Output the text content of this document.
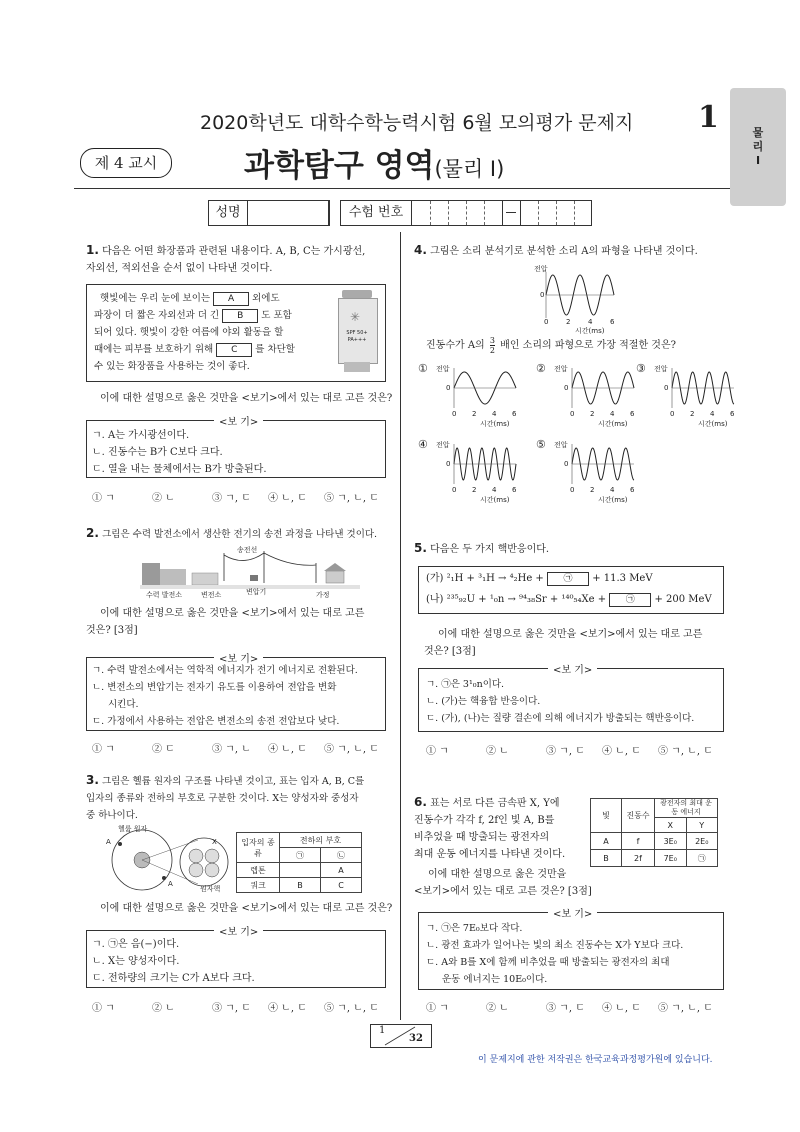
2020학년도 대학수학능력시험 6월 모의평가 문제지 1	물
리
I
제 4 교시	과학탐구 영역(물리 I)
성명	수험 번호
1. 다음은 어떤 화장품과 관련된 내용이다. A, B, C는 가시광선,
자외선, 적외선을 순서 없이 나타낸 것이다.
햇빛에는 우리 눈에 보이는 A 외에도
파장이 더 짧은 자외선과 더 긴 B 도 포함
되어 있다. 햇빛이 강한 여름에 야외 활동을 할
때에는 피부를 보호하기 위해 C 를 차단할
수 있는 화장품을 사용하는 것이 좋다.
✳
SPF 50+ PA+++
이에 대한 설명으로 옳은 것만을 <보기>에서 있는 대로 고른 것은?
<보 기>
ㄱ. A는 가시광선이다.
ㄴ. 진동수는 B가 C보다 크다.
ㄷ. 열을 내는 물체에서는 B가 방출된다.
① ㄱ	② ㄴ	③ ㄱ, ㄷ ④ ㄴ, ㄷ ⑤ ㄱ, ㄴ, ㄷ
2. 그림은 수력 발전소에서 생산한 전기의 송전 과정을 나타낸 것이다.
송전선
수력 발전소	변전소	변압기	가정
이에 대한 설명으로 옳은 것만을 <보기>에서 있는 대로 고른
것은? [3점]
<보 기>
ㄱ. 수력 발전소에서는 역학적 에너지가 전기 에너지로 전환된다.
ㄴ. 변전소의 변압기는 전자기 유도를 이용하여 전압을 변화
시킨다.
ㄷ. 가정에서 사용하는 전압은 변전소의 송전 전압보다 낮다.
① ㄱ	② ㄷ	③ ㄱ, ㄴ ④ ㄴ, ㄷ ⑤ ㄱ, ㄴ, ㄷ
3. 그림은 헬륨 원자의 구조를 나타낸 것이고, 표는 입자 A, B, C를
입자의 종류와 전하의 부호로 구분한 것이다. X는 양성자와 중성자
중 하나이다.
헬륨 원자
A	X
A
원자핵
입자의 종류	전하의 부호	
	㉠	㉡
렙톤		A
쿼크	B	C
이에 대한 설명으로 옳은 것만을 <보기>에서 있는 대로 고른 것은?
<보 기>
ㄱ. ㉠은 음(−)이다.
ㄴ. X는 양성자이다.
ㄷ. 전하량의 크기는 C가 A보다 크다.
① ㄱ	② ㄴ	③ ㄱ, ㄷ ④ ㄴ, ㄷ ⑤ ㄱ, ㄴ, ㄷ
4. 그림은 소리 분석기로 분석한 소리 A의 파형을 나타낸 것이다.
전압
0
0	2	4	6
시간(ms)
진동수가 A의 $\frac{3}{2}$ 배인 소리의 파형으로 가장 적절한 것은?
① 전압
0
0 2 4 6
시간(ms)
② 전압
0
0 2 4 6
시간(ms)
③ 전압
0
0 2 4 6
시간(ms)
④ 전압
0
0 2 4 6
시간(ms)
⑤ 전압
0
0 2 4 6
시간(ms)
5. 다음은 두 가지 핵반응이다.
(가) ²₁H + ³₁H → ⁴₂He + ㉠ + 11.3 MeV
(나) ²³⁵₉₂U + ¹₀n → ⁹⁴₃₈Sr + ¹⁴⁰₅₄Xe + ㉠ + 200 MeV
이에 대한 설명으로 옳은 것만을 <보기>에서 있는 대로 고른
것은? [3점]
<보 기>
ㄱ. ㉠은 3¹₀n이다.
ㄴ. (가)는 핵융합 반응이다.
ㄷ. (가), (나)는 질량 결손에 의해 에너지가 방출되는 핵반응이다.
① ㄱ	② ㄴ	③ ㄱ, ㄷ ④ ㄴ, ㄷ ⑤ ㄱ, ㄴ, ㄷ
6. 표는 서로 다른 금속판 X, Y에
진동수가 각각 f, 2f인 빛 A, B를
비추었을 때 방출되는 광전자의
최대 운동 에너지를 나타낸 것이다.
이에 대한 설명으로 옳은 것만을
<보기>에서 있는 대로 고른 것은? [3점]
빛	진동수	광전자의 최대 운동 에너지	
		X	Y
A	f	3E₀	2E₀
B	2f	7E₀	㉠
<보 기>
ㄱ. ㉠은 7E₀보다 작다.
ㄴ. 광전 효과가 일어나는 빛의 최소 진동수는 X가 Y보다 크다.
ㄷ. A와 B를 X에 함께 비추었을 때 방출되는 광전자의 최대
운동 에너지는 10E₀이다.
① ㄱ	② ㄴ	③ ㄱ, ㄷ ④ ㄴ, ㄷ ⑤ ㄱ, ㄴ, ㄷ
1
32
이 문제지에 관한 저작권은 한국교육과정평가원에 있습니다.
